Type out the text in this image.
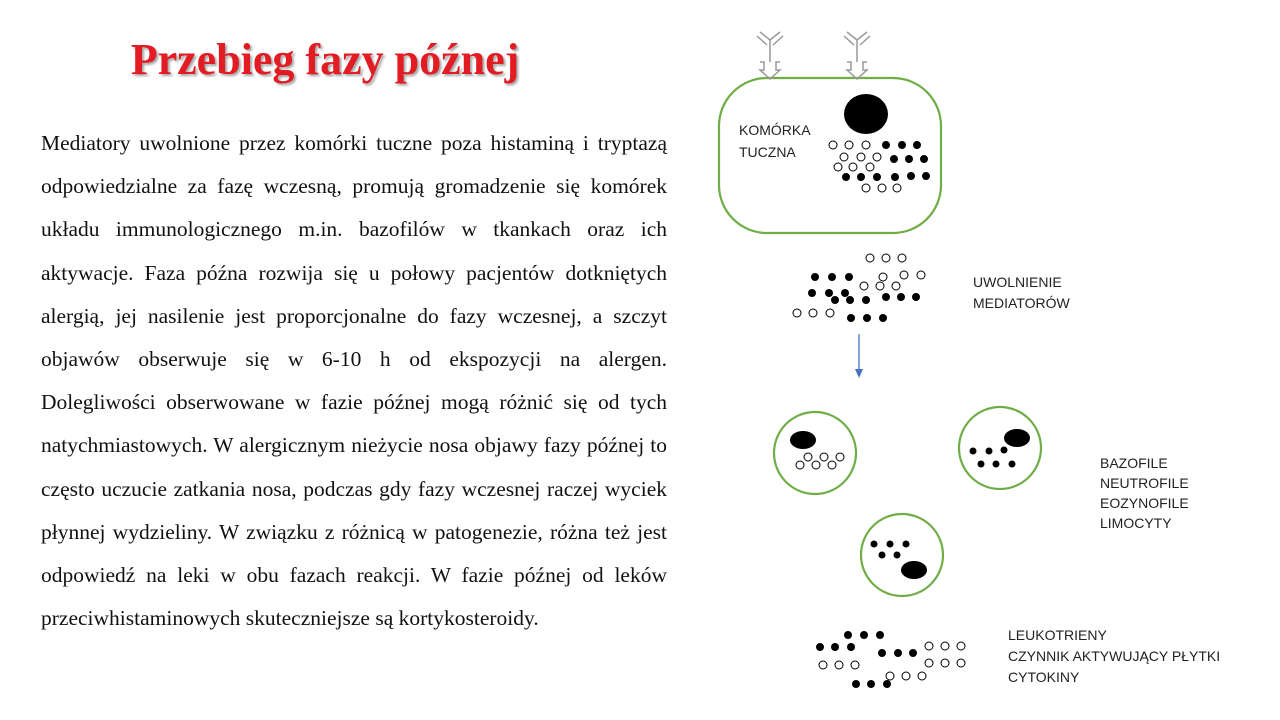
Przebieg fazy późnej

Mediatory uwolnione przez komórki tuczne poza histaminą i tryptazą odpowiedzialne za fazę wczesną, promują gromadzenie się komórek układu immunologicznego m.in. bazofilów w tkankach oraz ich aktywacje. Faza późna rozwija się u połowy pacjentów dotkniętych alergią, jej nasilenie jest proporcjonalne do fazy wczesnej, a szczyt objawów obserwuje się w 6-10 h od ekspozycji na alergen. Dolegliwości obserwowane w fazie późnej mogą różnić się od tych natychmiastowych. W alergicznym nieżycie nosa objawy fazy późnej to często uczucie zatkania nosa, podczas gdy fazy wczesnej raczej wyciek płynnej wydzieliny. W związku z różnicą w patogenezie, różna też jest odpowiedź na leki w obu fazach reakcji. W fazie późnej od leków przeciwhistaminowych skuteczniejsze są kortykosteroidy.

KOMÓRKA TUCZNA
UWOLNIENIE MEDIATORÓW
BAZOFILE NEUTROFILE EOZYNOFILE LIMOCYTY
LEUKOTRIENY CZYNNIK AKTYWUJĄCY PŁYTKI CYTOKINY
